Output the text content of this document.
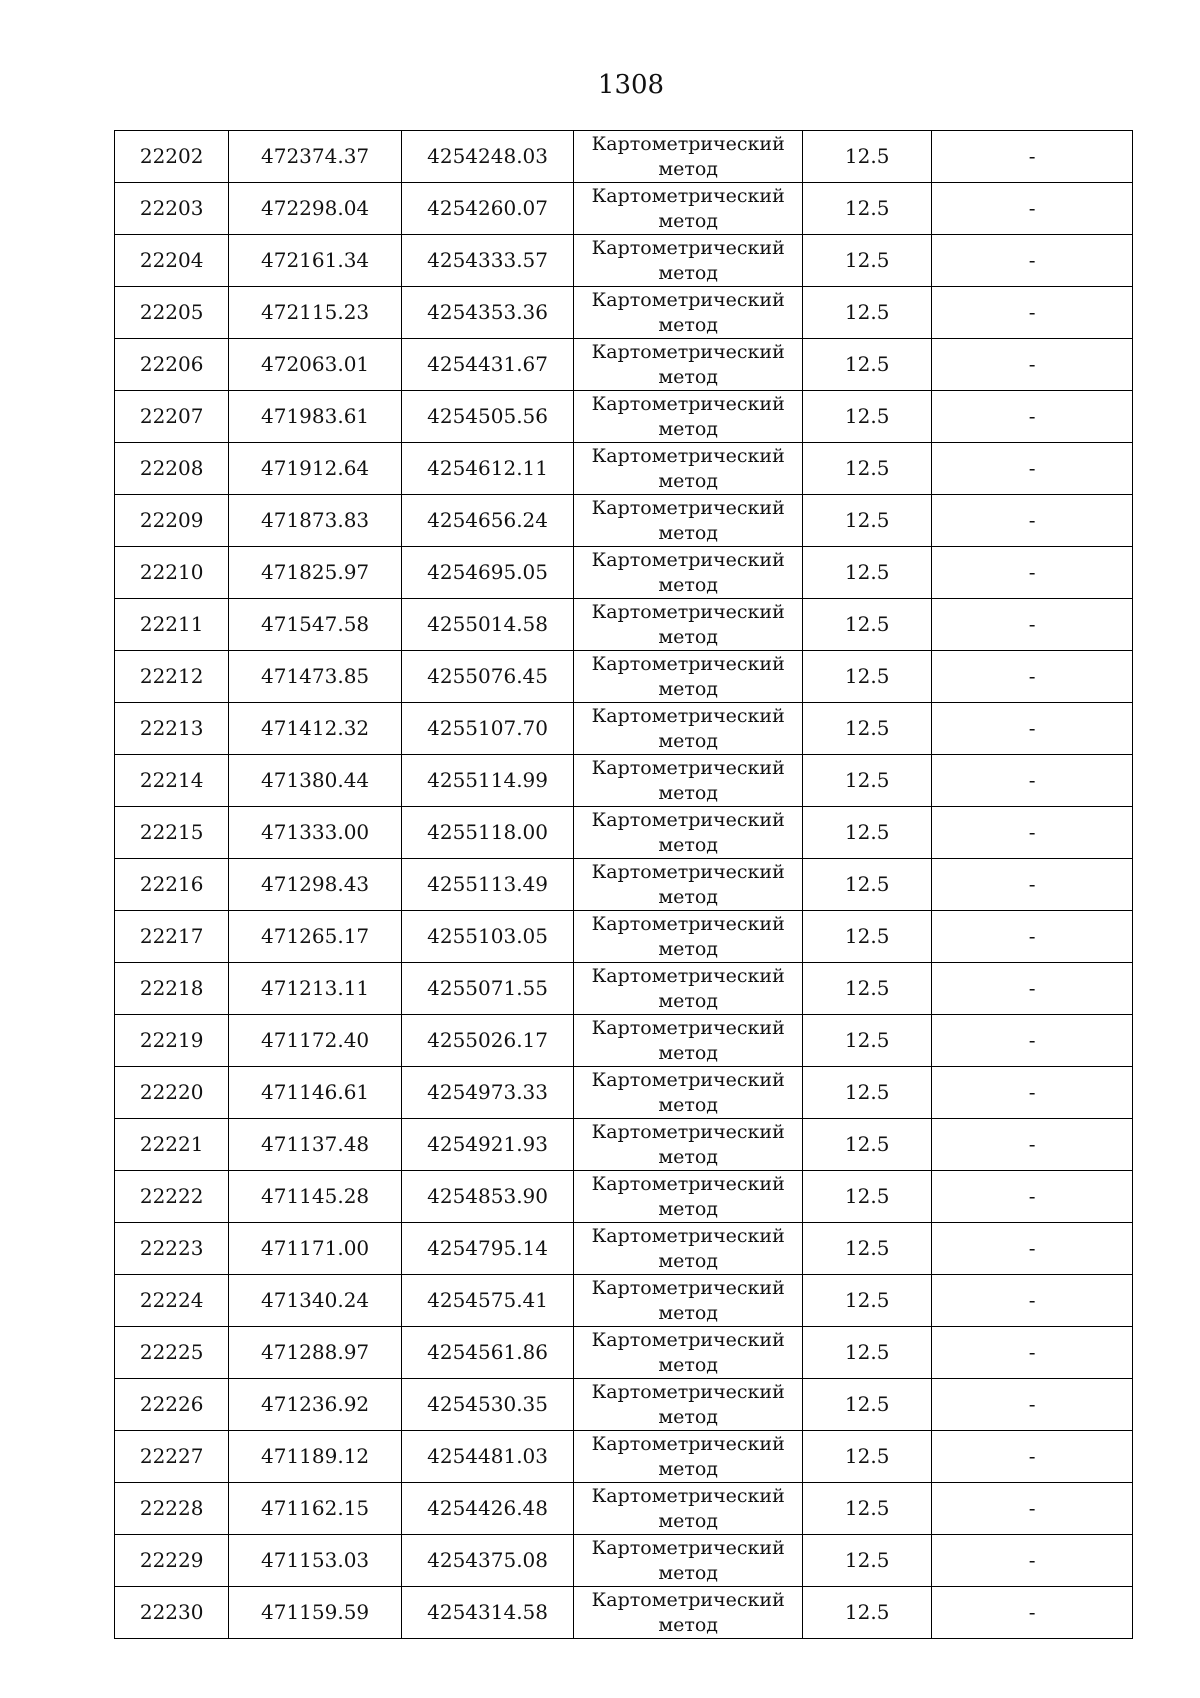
1308
22202	472374.37	4254248.03	Картометрический метод	12.5	-
22203	472298.04	4254260.07	Картометрический метод	12.5	-
22204	472161.34	4254333.57	Картометрический метод	12.5	-
22205	472115.23	4254353.36	Картометрический метод	12.5	-
22206	472063.01	4254431.67	Картометрический метод	12.5	-
22207	471983.61	4254505.56	Картометрический метод	12.5	-
22208	471912.64	4254612.11	Картометрический метод	12.5	-
22209	471873.83	4254656.24	Картометрический метод	12.5	-
22210	471825.97	4254695.05	Картометрический метод	12.5	-
22211	471547.58	4255014.58	Картометрический метод	12.5	-
22212	471473.85	4255076.45	Картометрический метод	12.5	-
22213	471412.32	4255107.70	Картометрический метод	12.5	-
22214	471380.44	4255114.99	Картометрический метод	12.5	-
22215	471333.00	4255118.00	Картометрический метод	12.5	-
22216	471298.43	4255113.49	Картометрический метод	12.5	-
22217	471265.17	4255103.05	Картометрический метод	12.5	-
22218	471213.11	4255071.55	Картометрический метод	12.5	-
22219	471172.40	4255026.17	Картометрический метод	12.5	-
22220	471146.61	4254973.33	Картометрический метод	12.5	-
22221	471137.48	4254921.93	Картометрический метод	12.5	-
22222	471145.28	4254853.90	Картометрический метод	12.5	-
22223	471171.00	4254795.14	Картометрический метод	12.5	-
22224	471340.24	4254575.41	Картометрический метод	12.5	-
22225	471288.97	4254561.86	Картометрический метод	12.5	-
22226	471236.92	4254530.35	Картометрический метод	12.5	-
22227	471189.12	4254481.03	Картометрический метод	12.5	-
22228	471162.15	4254426.48	Картометрический метод	12.5	-
22229	471153.03	4254375.08	Картометрический метод	12.5	-
22230	471159.59	4254314.58	Картометрический метод	12.5	-
